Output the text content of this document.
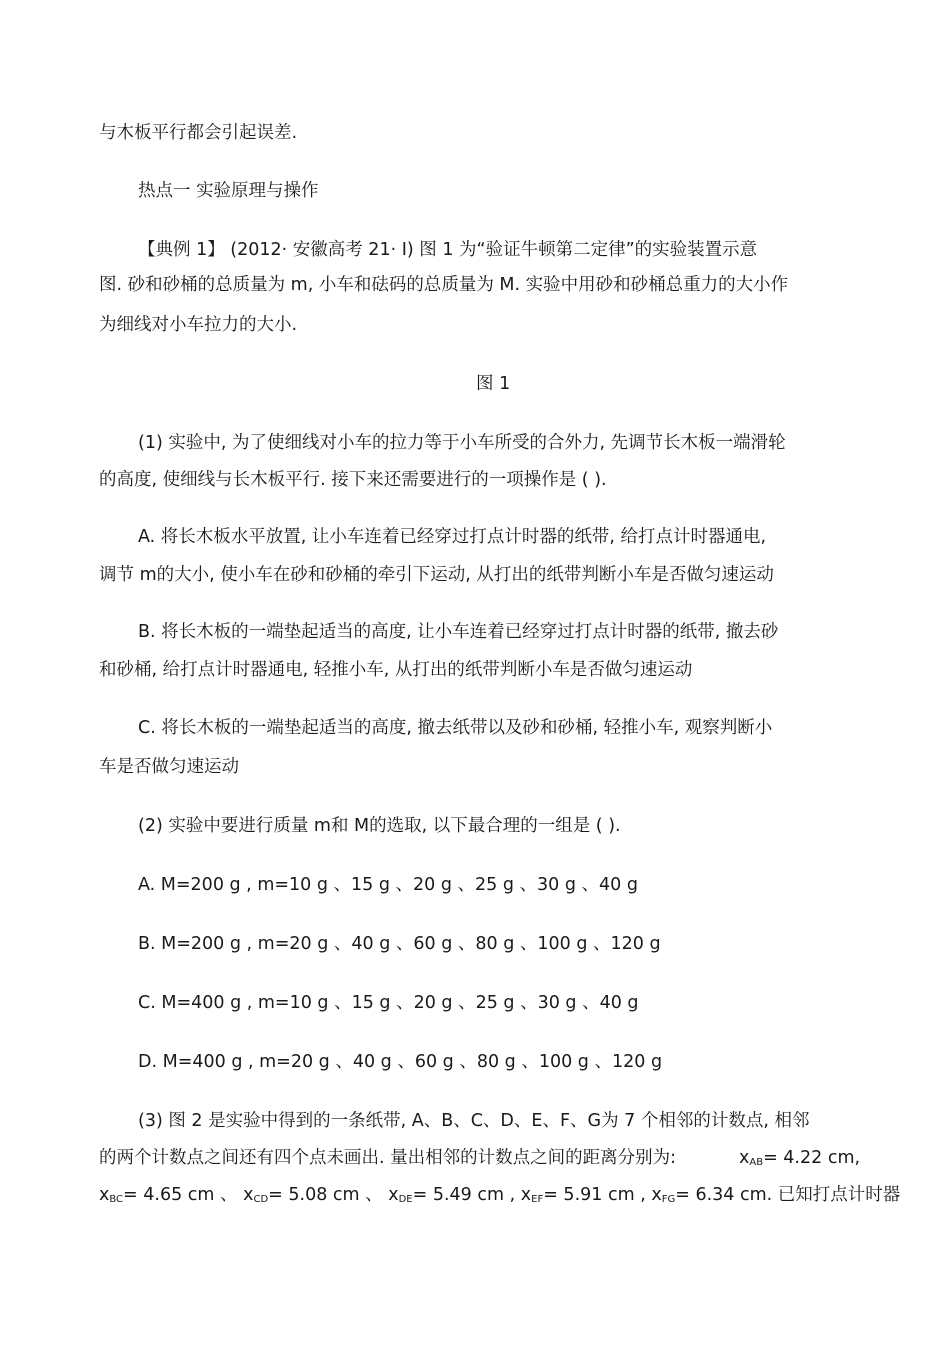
与木板平行都会引起误差.
热点一 实验原理与操作
【典例 1】 (2012· 安徽高考 21· Ⅰ) 图 1 为“验证牛顿第二定律”的实验装置示意
图. 砂和砂桶的总质量为 m, 小车和砝码的总质量为 M. 实验中用砂和砂桶总重力的大小作
为细线对小车拉力的大小.
图 1
(1) 实验中, 为了使细线对小车的拉力等于小车所受的合外力, 先调节长木板一端滑轮
的高度, 使细线与长木板平行. 接下来还需要进行的一项操作是 ( ).
A. 将长木板水平放置, 让小车连着已经穿过打点计时器的纸带, 给打点计时器通电,
调节 m的大小, 使小车在砂和砂桶的牵引下运动, 从打出的纸带判断小车是否做匀速运动
B. 将长木板的一端垫起适当的高度, 让小车连着已经穿过打点计时器的纸带, 撤去砂
和砂桶, 给打点计时器通电, 轻推小车, 从打出的纸带判断小车是否做匀速运动
C. 将长木板的一端垫起适当的高度, 撤去纸带以及砂和砂桶, 轻推小车, 观察判断小
车是否做匀速运动
(2) 实验中要进行质量 m和 M的选取, 以下最合理的一组是 ( ).
A. M=200 g , m=10 g 、15 g 、20 g 、25 g 、30 g 、40 g
B. M=200 g , m=20 g 、40 g 、60 g 、80 g 、100 g 、120 g
C. M=400 g , m=10 g 、15 g 、20 g 、25 g 、30 g 、40 g
D. M=400 g , m=20 g 、40 g 、60 g 、80 g 、100 g 、120 g
(3) 图 2 是实验中得到的一条纸带, A、B、C、D、E、F、G为 7 个相邻的计数点, 相邻
的两个计数点之间还有四个点未画出. 量出相邻的计数点之间的距离分别为:	$x_{AB}= 4.22$ cm,
$x_{BC}= 4.65$ cm 、 $x_{CD}= 5.08$ cm 、 $x_{DE}= 5.49$ cm , $x_{EF}= 5.91$ cm , $x_{FG}= 6.34$ cm. 已知打点计时器
